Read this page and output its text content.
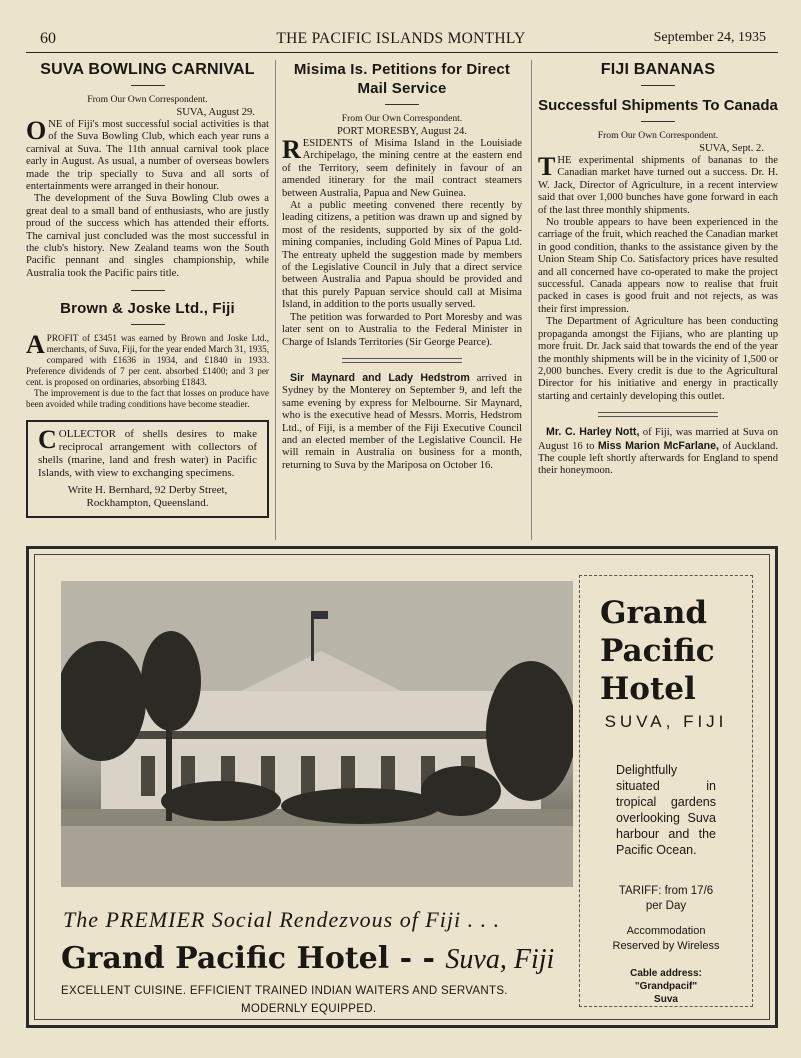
60	THE PACIFIC ISLANDS MONTHLY	September 24, 1935
SUVA BOWLING CARNIVAL
From Our Own Correspondent.
SUVA, August 29.

ONE of Fiji's most successful social activities is that of the Suva Bowling Club, which each year runs a carnival at Suva. The 11th annual carnival took place early in August. As usual, a number of overseas bowlers made the trip specially to Suva and all sorts of entertainments were arranged in their honour.

The development of the Suva Bowling Club owes a great deal to a small band of enthusiasts, who are justly proud of the success which has attended their efforts. The carnival just concluded was the most successful in the club's history. New Zealand teams won the South Pacific pennant and singles championship, while Australia took the Pacific pairs title.

Brown & Joske Ltd., Fiji

APROFIT of £3451 was earned by Brown and Joske Ltd., merchants, of Suva, Fiji, for the year ended March 31, 1935, compared with £1636 in 1934, and £1840 in 1933. Preference dividends of 7 per cent. absorbed £1400; and 3 per cent. is proposed on ordinaries, absorbing £1843.

The improvement is due to the fact that losses on produce have been avoided while trading conditions have become steadier.

COLLECTOR of shells desires to make reciprocal arrangement with collectors of shells (marine, land and fresh water) in Pacific Islands, with view to exchanging specimens.

Write H. Bernhard, 92 Derby Street, Rockhampton, Queensland.
Misima Is. Petitions for Direct Mail Service
From Our Own Correspondent.
PORT MORESBY, August 24.

RESIDENTS of Misima Island in the Louisiade Archipelago, the mining centre at the eastern end of the Territory, seem definitely in favour of an amended itinerary for the mail contract steamers between Australia, Papua and New Guinea.

At a public meeting convened there recently by leading citizens, a petition was drawn up and signed by most of the residents, supported by six of the gold-mining companies, including Gold Mines of Papua Ltd. The entreaty upheld the suggestion made by members of the Legislative Council in July that a direct service between Australia and Papua should be provided and that this purely Papuan service should call at Misima Island, in addition to the ports usually served.

The petition was forwarded to Port Moresby and was later sent on to Australia to the Federal Minister in Charge of Islands Territories (Sir George Pearce).

Sir Maynard and Lady Hedstrom arrived in Sydney by the Monterey on September 9, and left the same evening by express for Melbourne. Sir Maynard, who is the executive head of Messrs. Morris, Hedstrom Ltd., of Fiji, is a member of the Fiji Executive Council and an elected member of the Legislative Council. He will remain in Australia on business for a month, returning to Suva by the Mariposa on October 16.

FIJI BANANAS
Successful Shipments To Canada
From Our Own Correspondent.
SUVA, Sept. 2.

THE experimental shipments of bananas to the Canadian market have turned out a success. Dr. H. W. Jack, Director of Agriculture, in a recent interview said that over 1,000 bunches have gone forward in each of the last three monthly shipments.

No trouble appears to have been experienced in the carriage of the fruit, which reached the Canadian market in good condition, thanks to the assistance given by the Union Steam Ship Co. Satisfactory prices have resulted and all concerned have co-operated to make the project successful. Canada appears now to realise that fruit packed in cases is good fruit and not rejects, as was their first impression.

The Department of Agriculture has been conducting propaganda amongst the Fijians, who are planting up more fruit. Dr. Jack said that towards the end of the year the monthly shipments will be in the vicinity of 1,500 or 2,000 bunches. Every credit is due to the Agricultural Director for his initiative and energy in practically starting and certainly developing this outlet.

Mr. C. Harley Nott, of Fiji, was married at Suva on August 16 to Miss Marion McFarlane, of Auckland. The couple left shortly afterwards for England to spend their honeymoon.

Grand
Pacific
Hotel
SUVA, FIJI
Delightfully situated in tropical gardens overlooking Suva harbour and the Pacific Ocean.
TARIFF: from 17/6 per Day
Accommodation Reserved by Wireless
Cable address:
"Grandpacif"
Suva
The PREMIER Social Rendezvous of Fiji . . .
Grand Pacific Hotel - - Suva, Fiji
EXCELLENT CUISINE. EFFICIENT TRAINED INDIAN WAITERS AND SERVANTS.
MODERNLY EQUIPPED.
